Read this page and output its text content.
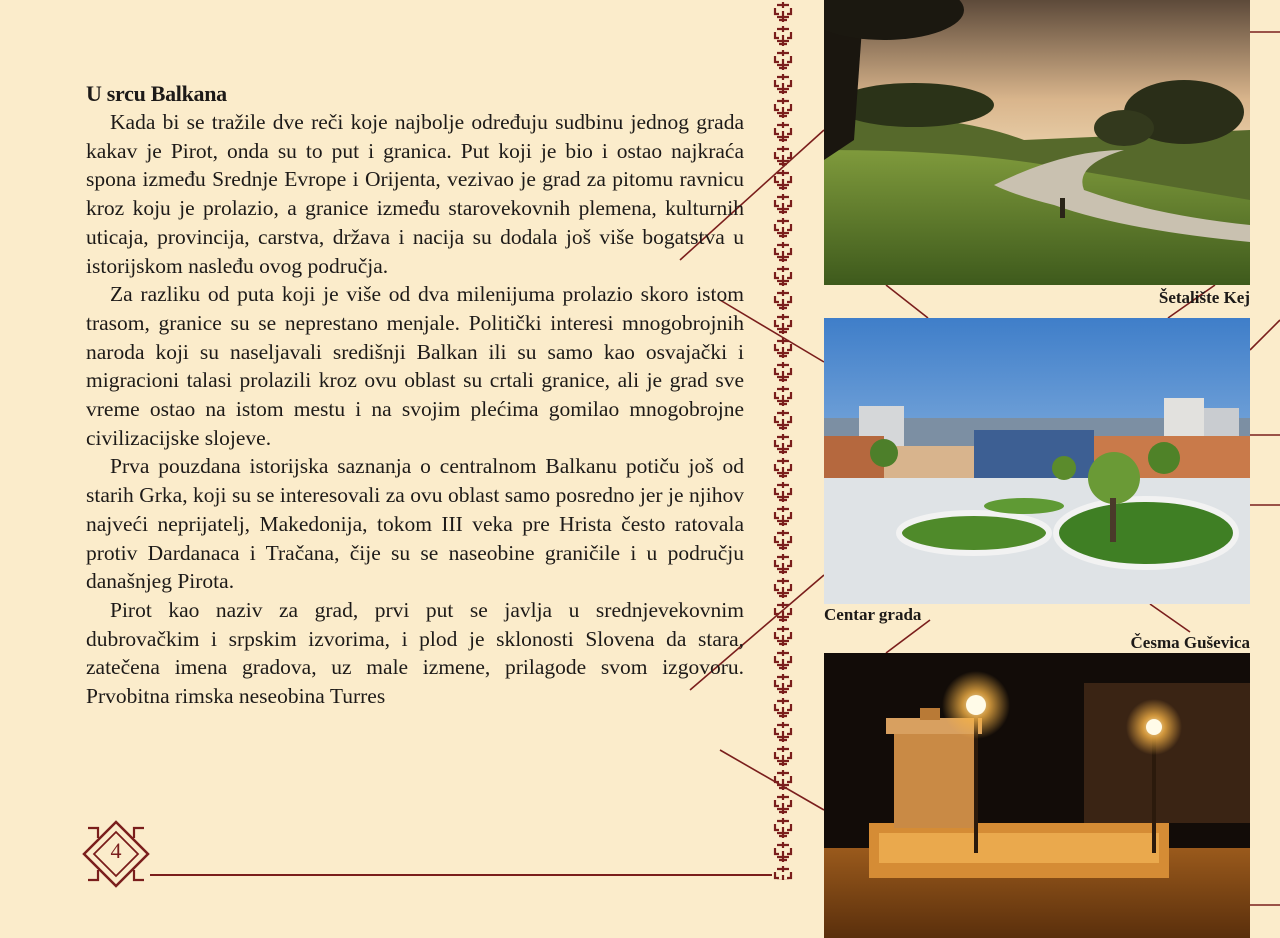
U srcu Balkana

Kada bi se tražile dve reči koje najbolje određuju sudbinu jednog grada kakav je Pirot, onda su to put i granica. Put koji je bio i ostao najkraća spona između Srednje Evrope i Orijenta, vezivao je grad za pitomu ravnicu kroz koju je prolazio, a granice između starovekovnih plemena, kulturnih uticaja, provincija, carstva, država i nacija su dodala još više bogatstva u istorijskom nasleđu ovog područja.

Za razliku od puta koji je više od dva milenijuma prolazio skoro istom trasom, granice su se neprestano menjale. Politički interesi mnogobrojnih naroda koji su naseljavali središnji Balkan ili su samo kao osvajački i migracioni talasi prolazili kroz ovu oblast su crtali granice, ali je grad sve vreme ostao na istom mestu i na svojim plećima gomilao mnogobrojne civilizacijske slojeve.

Prva pouzdana istorijska saznanja o centralnom Balkanu potiču još od starih Grka, koji su se interesovali za ovu oblast samo posredno jer je njihov najveći neprijatelj, Makedonija, tokom III veka pre Hrista često ratovala protiv Dardanaca i Tračana, čije su se naseobine graničile i u području današnjeg Pirota.

Pirot kao naziv za grad, prvi put se javlja u srednjevekovnim dubrovačkim i srpskim izvorima, i plod je sklonosti Slovena da stara, zatečena imena gradova, uz male izmene, prilagode svom izgovoru. Prvobitna rimska neseobina Turres

Šetalište Kej
Centar grada
Česma Guševica
4
